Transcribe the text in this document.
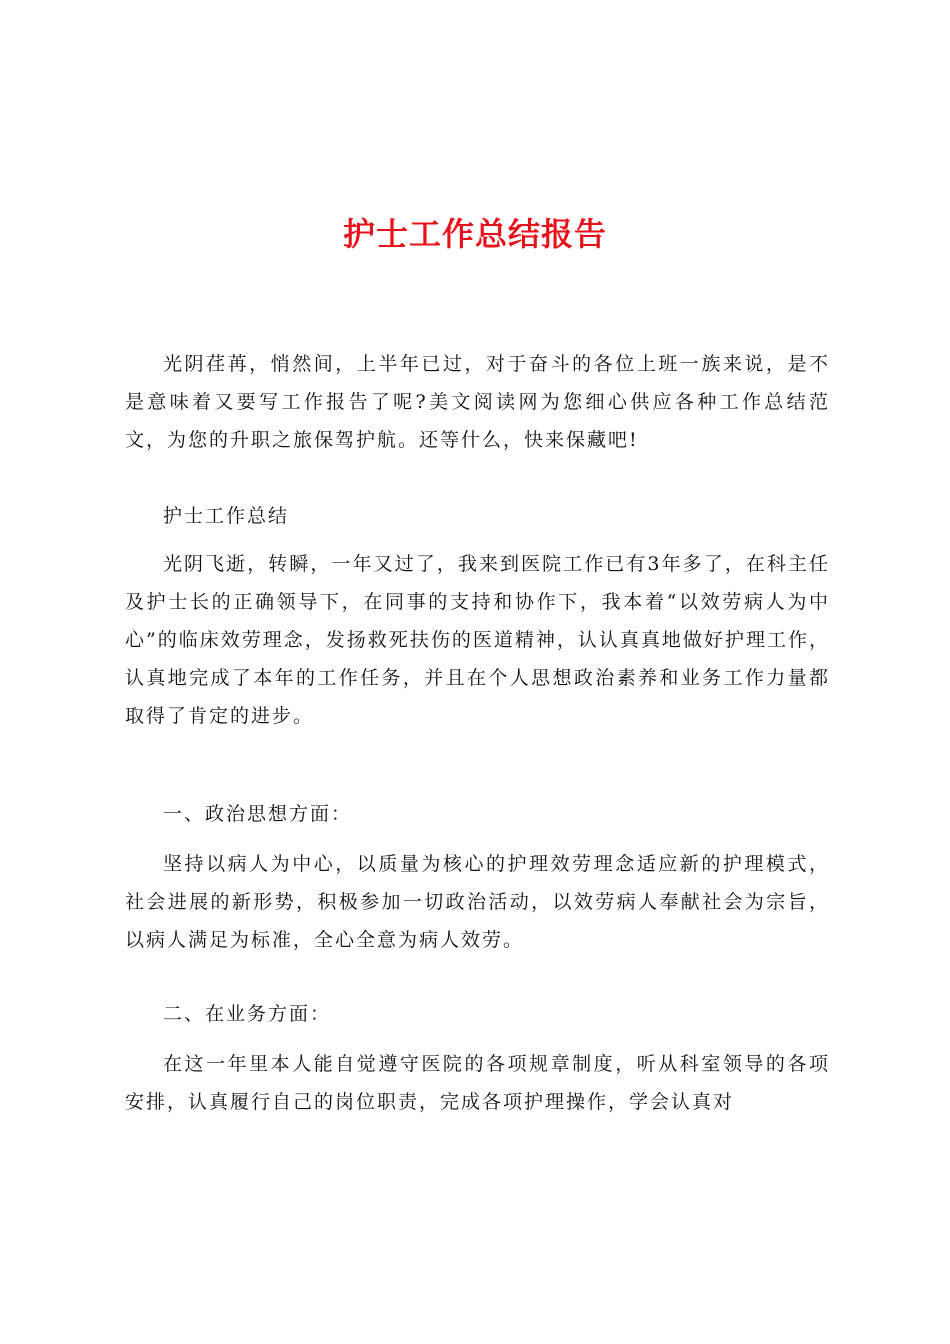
护士工作总结报告

光阴荏苒，悄然间，上半年已过，对于奋斗的各位上班一族来说，是不是意味着又要写工作报告了呢?美文阅读网为您细心供应各种工作总结范文，为您的升职之旅保驾护航。还等什么，快来保藏吧!

护士工作总结

光阴飞逝，转瞬，一年又过了，我来到医院工作已有3年多了，在科主任及护士长的正确领导下，在同事的支持和协作下，我本着“以效劳病人为中心”的临床效劳理念，发扬救死扶伤的医道精神，认认真真地做好护理工作，认真地完成了本年的工作任务，并且在个人思想政治素养和业务工作力量都取得了肯定的进步。

一、政治思想方面：

坚持以病人为中心，以质量为核心的护理效劳理念适应新的护理模式，社会进展的新形势，积极参加一切政治活动，以效劳病人奉献社会为宗旨，以病人满足为标准，全心全意为病人效劳。

二、在业务方面：

在这一年里本人能自觉遵守医院的各项规章制度，听从科室领导的各项安排，认真履行自己的岗位职责，完成各项护理操作，学会认真对
